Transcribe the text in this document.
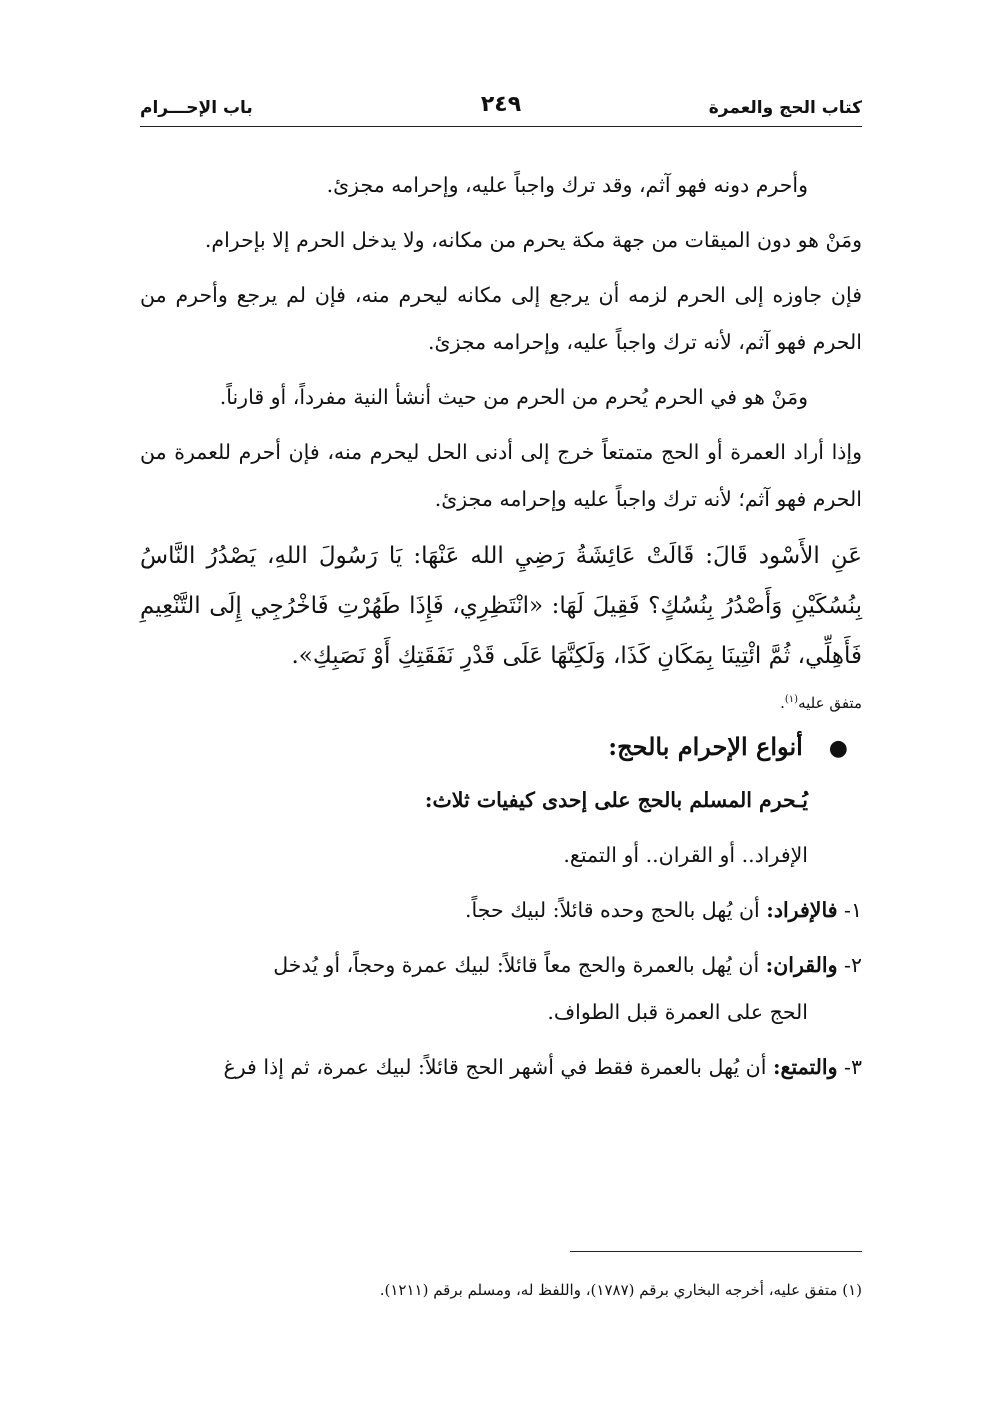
كتاب الحج والعمرة
٢٤٩
باب الإحـــرام

وأحرم دونه فهو آثم، وقد ترك واجباً عليه، وإحرامه مجزئ.

ومَنْ هو دون الميقات من جهة مكة يحرم من مكانه، ولا يدخل الحرم إلا بإحرام.

فإن جاوزه إلى الحرم لزمه أن يرجع إلى مكانه ليحرم منه، فإن لم يرجع وأحرم من الحرم فهو آثم، لأنه ترك واجباً عليه، وإحرامه مجزئ.

ومَنْ هو في الحرم يُحرم من الحرم من حيث أنشأ النية مفرداً، أو قارناً.

وإذا أراد العمرة أو الحج متمتعاً خرج إلى أدنى الحل ليحرم منه، فإن أحرم للعمرة من الحرم فهو آثم؛ لأنه ترك واجباً عليه وإحرامه مجزئ.

عَنِ الأَسْود قَالَ: قَالَتْ عَائِشَةُ رَضِيِ الله عَنْهَا: يَا رَسُولَ اللهِ، يَصْدُرُ النَّاسُ بِنُسُكَيْنِ وَأَصْدُرُ بِنُسُكٍ؟ فَقِيلَ لَهَا: «انْتَظِرِي، فَإِذَا طَهُرْتِ فَاخْرُجِي إِلَى التَّنْعِيمِ فَأَهِلِّي، ثُمَّ ائْتِينَا بِمَكَانِ كَذَا، وَلَكِنَّهَا عَلَى قَدْرِ نَفَقَتِكِ أَوْ نَصَبِكِ».

متفق عليه$^{(١)}$.

●أنواع الإحرام بالحج:

يُـحرم المسلم بالحج على إحدى كيفيات ثلاث:

الإفراد.. أو القران.. أو التمتع.

١- فالإفراد: أن يُهل بالحج وحده قائلاً: لبيك حجاً.

٢- والقران: أن يُهل بالعمرة والحج معاً قائلاً: لبيك عمرة وحجاً، أو يُدخل
الحج على العمرة قبل الطواف.

٣- والتمتع: أن يُهل بالعمرة فقط في أشهر الحج قائلاً: لبيك عمرة، ثم إذا فرغ

(١) متفق عليه، أخرجه البخاري برقم (١٧٨٧)، واللفظ له، ومسلم برقم (١٢١١).
